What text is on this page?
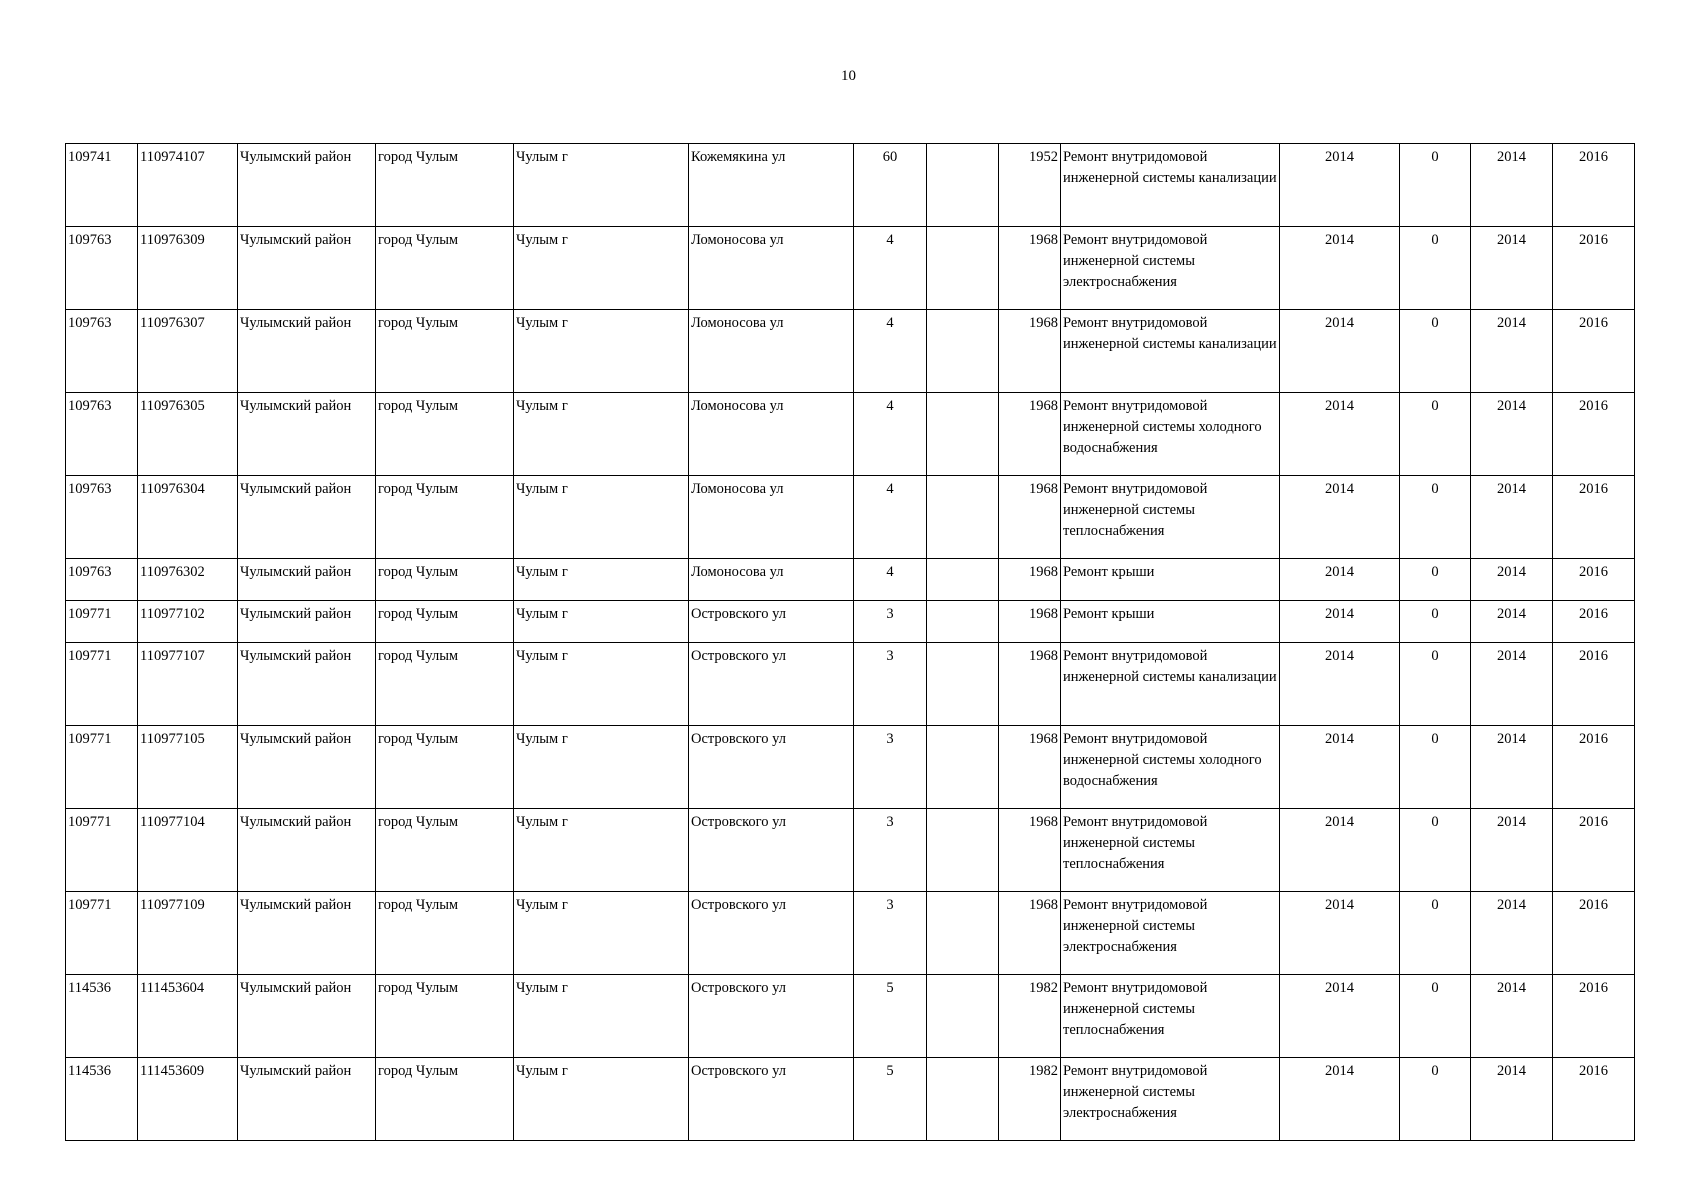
10
109741	110974107	Чулымский район	город Чулым	Чулым г	Кожемякина ул	60		1952	Ремонт внутридомовой инженерной системы канализации	2014	0	2014	2016
109763	110976309	Чулымский район	город Чулым	Чулым г	Ломоносова ул	4		1968	Ремонт внутридомовой инженерной системы электроснабжения	2014	0	2014	2016
109763	110976307	Чулымский район	город Чулым	Чулым г	Ломоносова ул	4		1968	Ремонт внутридомовой инженерной системы канализации	2014	0	2014	2016
109763	110976305	Чулымский район	город Чулым	Чулым г	Ломоносова ул	4		1968	Ремонт внутридомовой инженерной системы холодного водоснабжения	2014	0	2014	2016
109763	110976304	Чулымский район	город Чулым	Чулым г	Ломоносова ул	4		1968	Ремонт внутридомовой инженерной системы теплоснабжения	2014	0	2014	2016
109763	110976302	Чулымский район	город Чулым	Чулым г	Ломоносова ул	4		1968	Ремонт крыши	2014	0	2014	2016
109771	110977102	Чулымский район	город Чулым	Чулым г	Островского ул	3		1968	Ремонт крыши	2014	0	2014	2016
109771	110977107	Чулымский район	город Чулым	Чулым г	Островского ул	3		1968	Ремонт внутридомовой инженерной системы канализации	2014	0	2014	2016
109771	110977105	Чулымский район	город Чулым	Чулым г	Островского ул	3		1968	Ремонт внутридомовой инженерной системы холодного водоснабжения	2014	0	2014	2016
109771	110977104	Чулымский район	город Чулым	Чулым г	Островского ул	3		1968	Ремонт внутридомовой инженерной системы теплоснабжения	2014	0	2014	2016
109771	110977109	Чулымский район	город Чулым	Чулым г	Островского ул	3		1968	Ремонт внутридомовой инженерной системы электроснабжения	2014	0	2014	2016
114536	111453604	Чулымский район	город Чулым	Чулым г	Островского ул	5		1982	Ремонт внутридомовой инженерной системы теплоснабжения	2014	0	2014	2016
114536	111453609	Чулымский район	город Чулым	Чулым г	Островского ул	5		1982	Ремонт внутридомовой инженерной системы электроснабжения	2014	0	2014	2016
